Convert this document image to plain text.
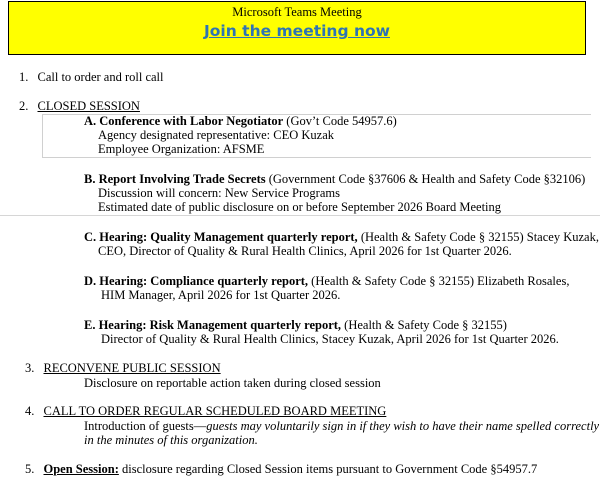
Microsoft Teams Meeting
Join the meeting now
1. Call to order and roll call
2. CLOSED SESSION
A. Conference with Labor Negotiator (Gov’t Code 54957.6)
Agency designated representative: CEO Kuzak
Employee Organization: AFSME
B. Report Involving Trade Secrets (Government Code §37606 & Health and Safety Code §32106)
Discussion will concern: New Service Programs
Estimated date of public disclosure on or before September 2026 Board Meeting
C. Hearing: Quality Management quarterly report, (Health & Safety Code § 32155) Stacey Kuzak,
CEO, Director of Quality & Rural Health Clinics, April 2026 for 1st Quarter 2026.
D. Hearing: Compliance quarterly report, (Health & Safety Code § 32155) Elizabeth Rosales,
HIM Manager, April 2026 for 1st Quarter 2026.
E. Hearing: Risk Management quarterly report, (Health & Safety Code § 32155)
Director of Quality & Rural Health Clinics, Stacey Kuzak, April 2026 for 1st Quarter 2026.
3. RECONVENE PUBLIC SESSION
Disclosure on reportable action taken during closed session
4. CALL TO ORDER REGULAR SCHEDULED BOARD MEETING
Introduction of guests—guests may voluntarily sign in if they wish to have their name spelled correctly
in the minutes of this organization.
5. Open Session: disclosure regarding Closed Session items pursuant to Government Code §54957.7
